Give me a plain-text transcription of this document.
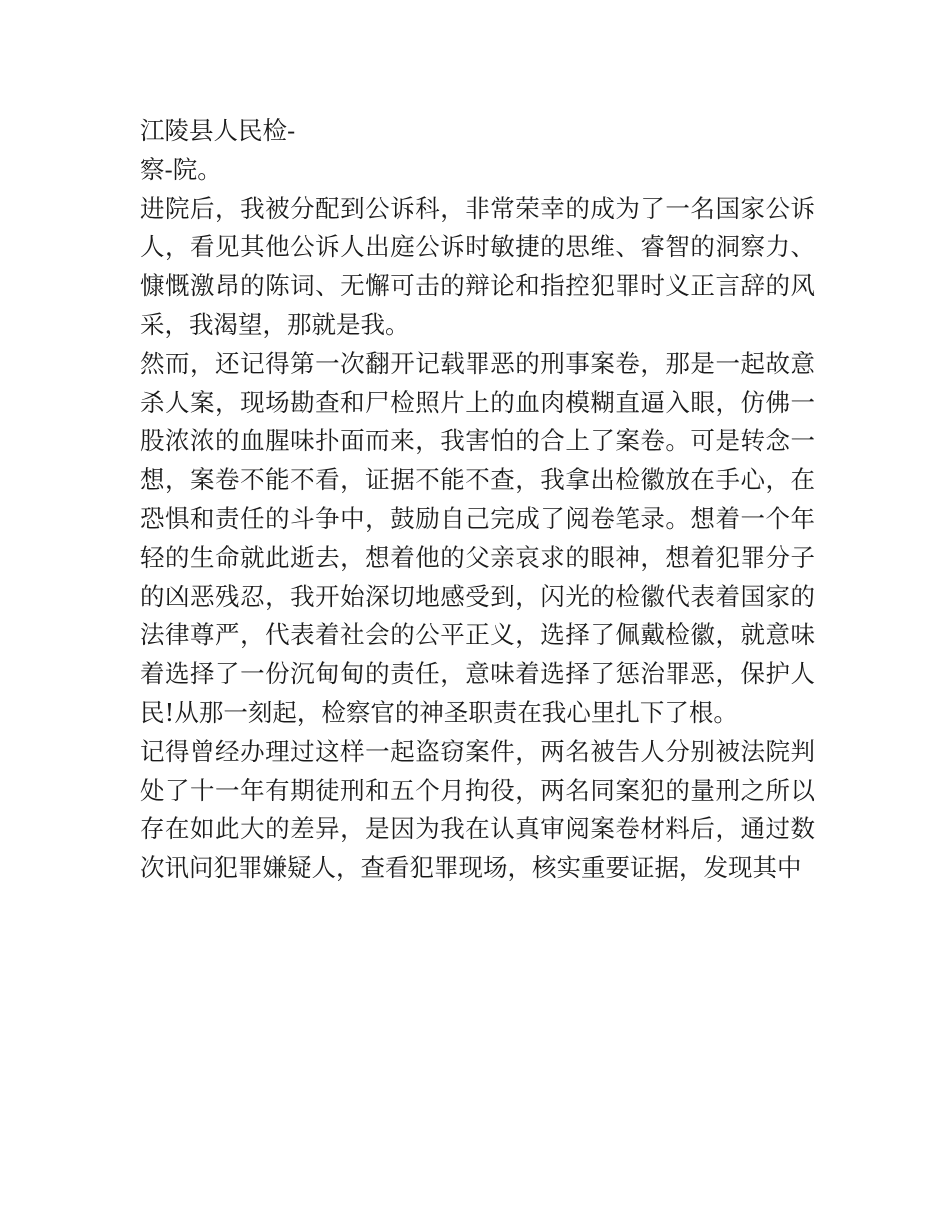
江陵县人民检-

察-院。

进院后，我被分配到公诉科，非常荣幸的成为了一名国家公诉人，看见其他公诉人出庭公诉时敏捷的思维、睿智的洞察力、慷慨激昂的陈词、无懈可击的辩论和指控犯罪时义正言辞的风采，我渴望，那就是我。

然而，还记得第一次翻开记载罪恶的刑事案卷，那是一起故意杀人案，现场勘查和尸检照片上的血肉模糊直逼入眼，仿佛一股浓浓的血腥味扑面而来，我害怕的合上了案卷。可是转念一想，案卷不能不看，证据不能不查，我拿出检徽放在手心，在恐惧和责任的斗争中，鼓励自己完成了阅卷笔录。想着一个年轻的生命就此逝去，想着他的父亲哀求的眼神，想着犯罪分子的凶恶残忍，我开始深切地感受到，闪光的检徽代表着国家的法律尊严，代表着社会的公平正义，选择了佩戴检徽，就意味着选择了一份沉甸甸的责任，意味着选择了惩治罪恶，保护人民!从那一刻起，检察官的神圣职责在我心里扎下了根。

记得曾经办理过这样一起盗窃案件，两名被告人分别被法院判处了十一年有期徒刑和五个月拘役，两名同案犯的量刑之所以存在如此大的差异，是因为我在认真审阅案卷材料后，通过数次讯问犯罪嫌疑人，查看犯罪现场，核实重要证据，发现其中
